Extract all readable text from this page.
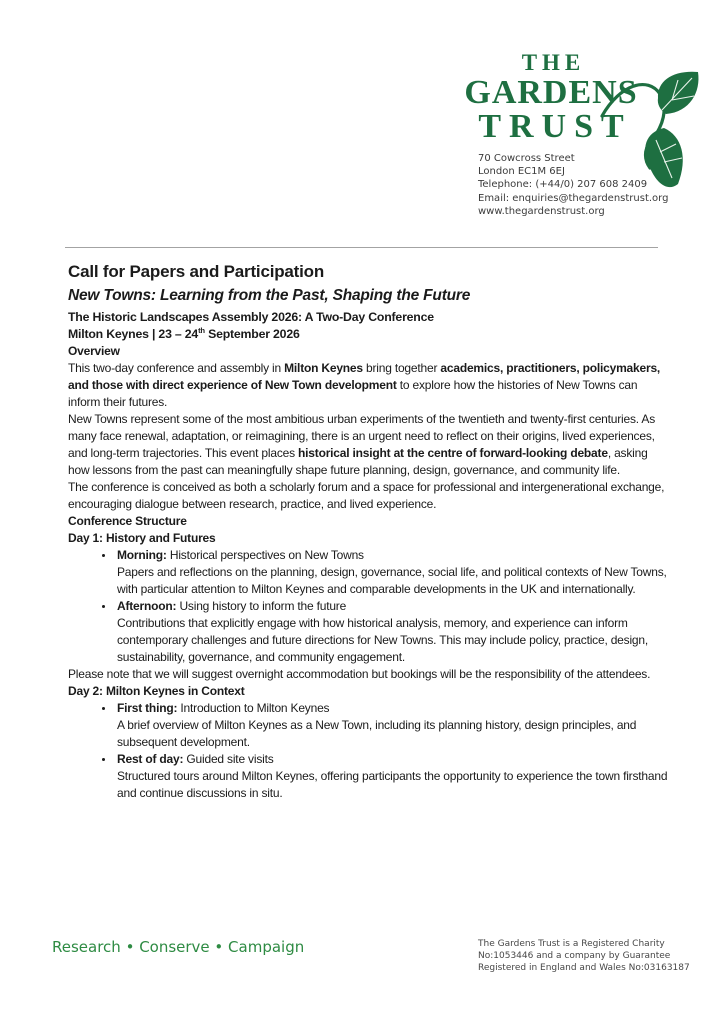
THE
GARDENS
TRUST
70 Cowcross Street
London EC1M 6EJ
Telephone: (+44/0) 207 608 2409
Email: enquiries@thegardenstrust.org
www.thegardenstrust.org
Call for Papers and Participation
New Towns: Learning from the Past, Shaping the Future

The Historic Landscapes Assembly 2026: A Two-Day Conference

Milton Keynes | 23 – 24th September 2026

Overview

This two-day conference and assembly in Milton Keynes bring together academics, practitioners, policymakers, and those with direct experience of New Town development to explore how the histories of New Towns can inform their futures.

New Towns represent some of the most ambitious urban experiments of the twentieth and twenty-first centuries. As many face renewal, adaptation, or reimagining, there is an urgent need to reflect on their origins, lived experiences, and long-term trajectories. This event places historical insight at the centre of forward-looking debate, asking how lessons from the past can meaningfully shape future planning, design, governance, and community life.

The conference is conceived as both a scholarly forum and a space for professional and intergenerational exchange, encouraging dialogue between research, practice, and lived experience.

Conference Structure

Day 1: History and Futures

• Morning: Historical perspectives on New Towns
Papers and reflections on the planning, design, governance, social life, and political contexts of New Towns, with particular attention to Milton Keynes and comparable developments in the UK and internationally.
• Afternoon: Using history to inform the future
Contributions that explicitly engage with how historical analysis, memory, and experience can inform contemporary challenges and future directions for New Towns. This may include policy, practice, design, sustainability, governance, and community engagement.

Please note that we will suggest overnight accommodation but bookings will be the responsibility of the attendees.

Day 2: Milton Keynes in Context

• First thing: Introduction to Milton Keynes
A brief overview of Milton Keynes as a New Town, including its planning history, design principles, and subsequent development.
• Rest of day: Guided site visits
Structured tours around Milton Keynes, offering participants the opportunity to experience the town firsthand and continue discussions in situ.
Research • Conserve • Campaign	The Gardens Trust is a Registered Charity
No:1053446 and a company by Guarantee
Registered in England and Wales No:03163187
